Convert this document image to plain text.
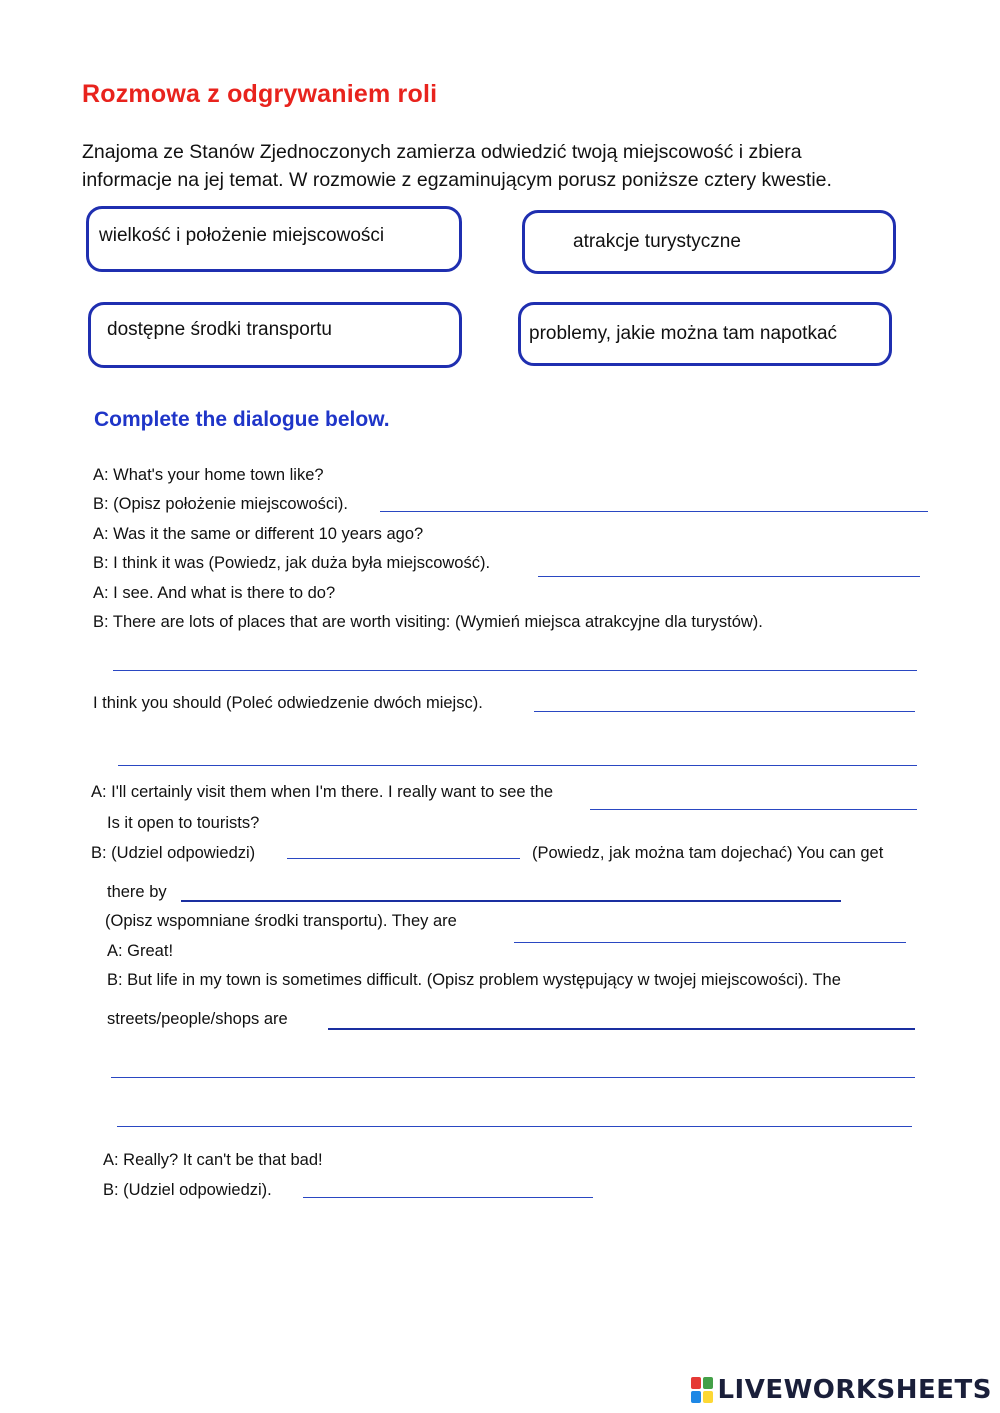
Rozmowa z odgrywaniem roli
Znajoma ze Stanów Zjednoczonych zamierza odwiedzić twoją miejscowość i zbiera
informacje na jej temat. W rozmowie z egzaminującym porusz poniższe cztery kwestie.
wielkość i położenie miejscowości	atrakcje turystyczne
dostępne środki transportu	problemy, jakie można tam napotkać
Complete the dialogue below.
A: What's your home town like?
B: (Opisz położenie miejscowości).
A: Was it the same or different 10 years ago?
B: I think it was (Powiedz, jak duża była miejscowość).
A: I see. And what is there to do?
B: There are lots of places that are worth visiting: (Wymień miejsca atrakcyjne dla turystów).
I think you should (Poleć odwiedzenie dwóch miejsc).
A: I'll certainly visit them when I'm there. I really want to see the
Is it open to tourists?
B: (Udziel odpowiedzi)	(Powiedz, jak można tam dojechać) You can get
there by
(Opisz wspomniane środki transportu). They are
A: Great!
B: But life in my town is sometimes difficult. (Opisz problem występujący w twojej miejscowości). The
streets/people/shops are
A: Really? It can't be that bad!
B: (Udziel odpowiedzi).
LIVEWORKSHEETS
